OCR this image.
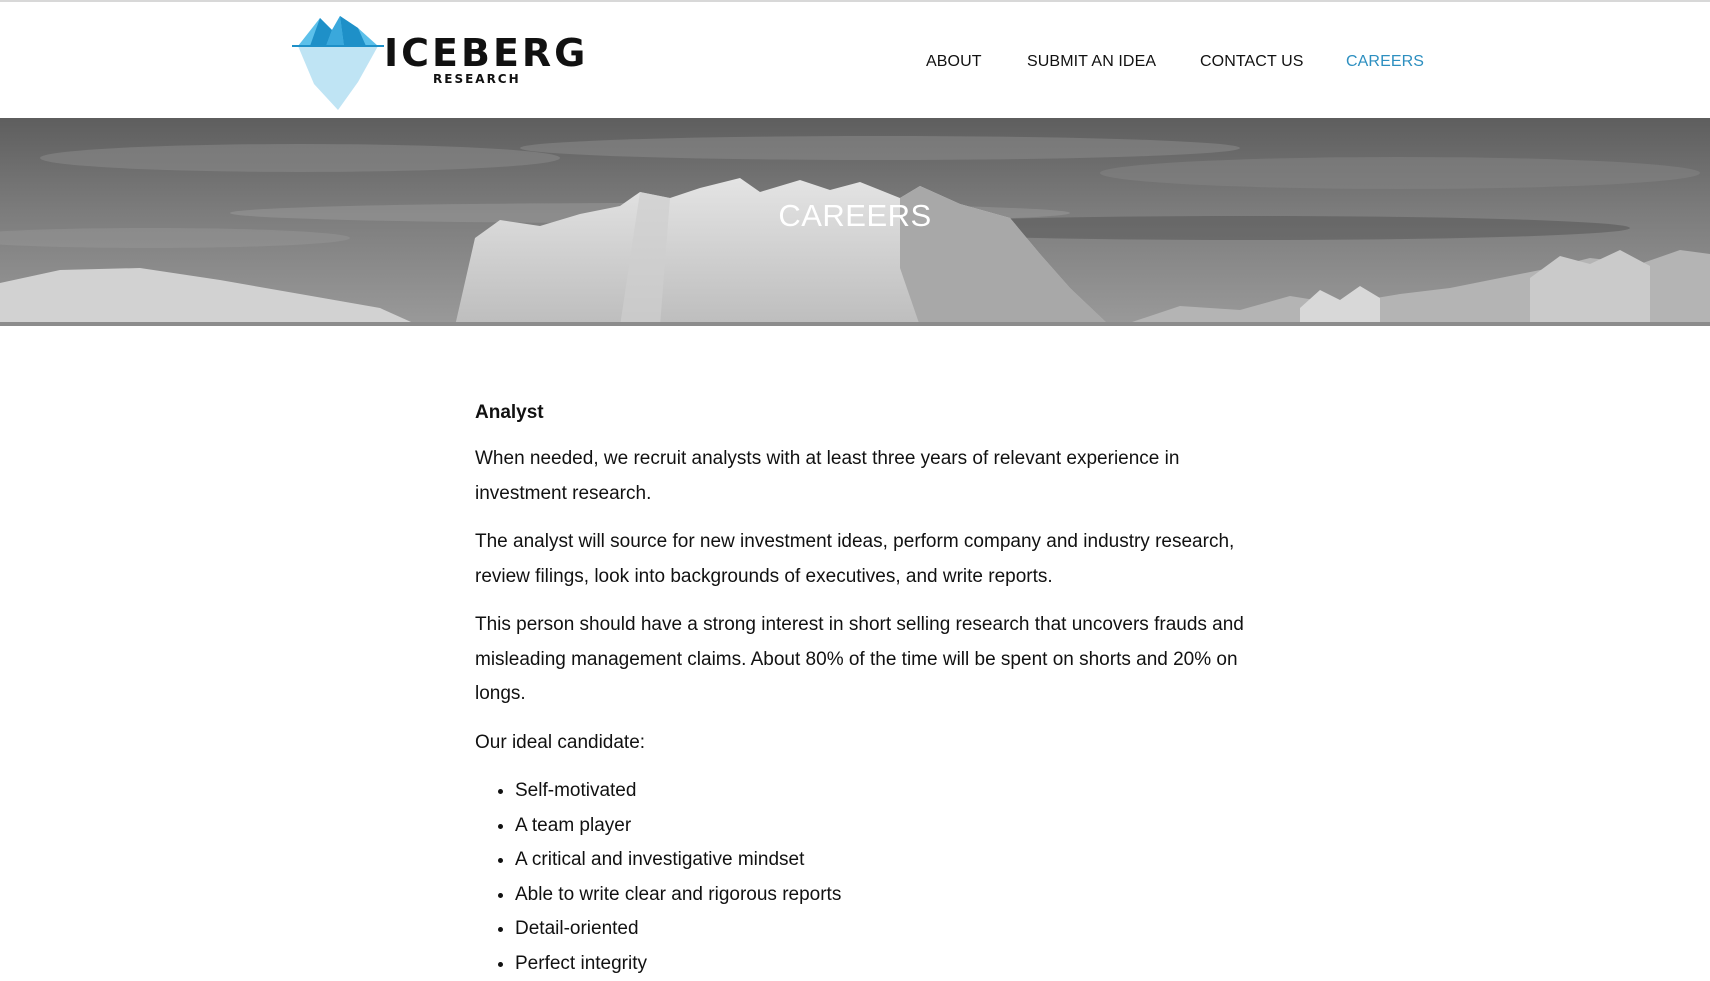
ICEBERG
RESEARCH
ABOUT	SUBMIT AN IDEA	CONTACT US	CAREERS
CAREERS
Analyst

When needed, we recruit analysts with at least three years of relevant experience in investment research.

The analyst will source for new investment ideas, perform company and industry research, review filings, look into backgrounds of executives, and write reports.

This person should have a strong interest in short selling research that uncovers frauds and misleading management claims. About 80% of the time will be spent on shorts and 20% on longs.

Our ideal candidate:

• Self-motivated
• A team player
• A critical and investigative mindset
• Able to write clear and rigorous reports
• Detail-oriented
• Perfect integrity
